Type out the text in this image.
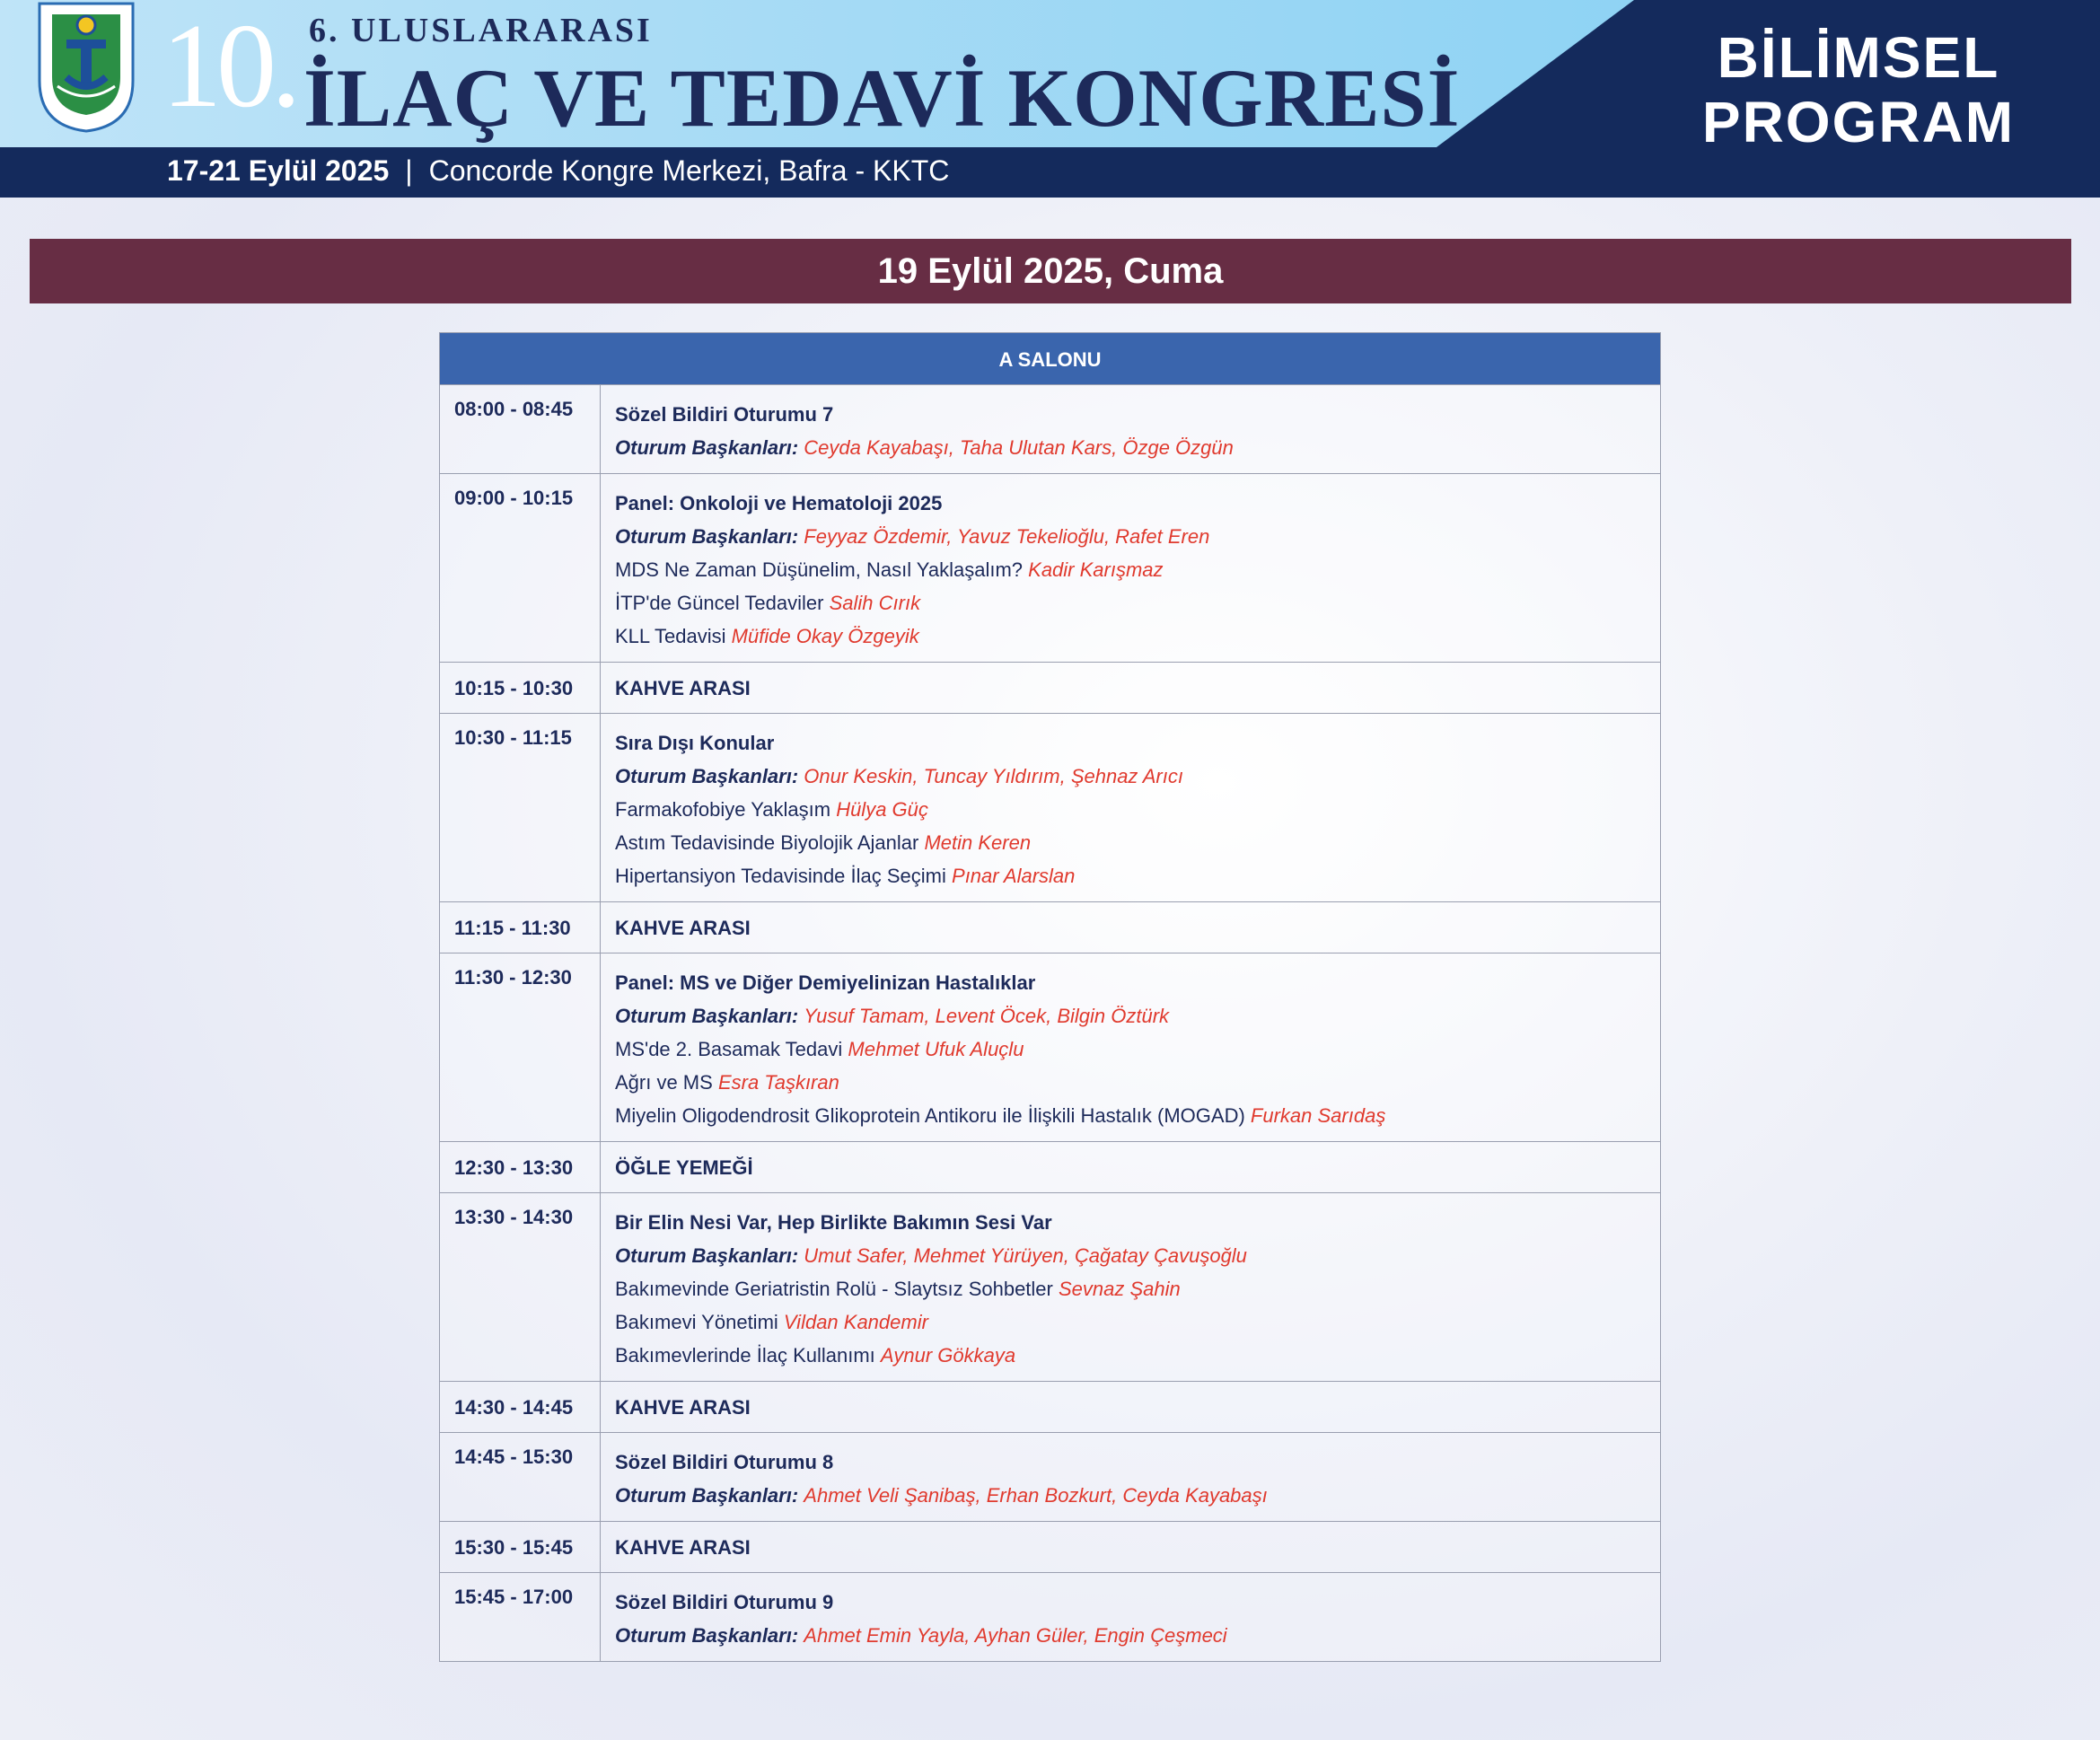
10. 6. ULUSLARARASI
İLAÇ VE TEDAVİ KONGRESİ
17-21 Eylül 2025 | Concorde Kongre Merkezi, Bafra - KKTC
BİLİMSEL
PROGRAM
19 Eylül 2025, Cuma
A SALONU
08:00 - 08:45	Sözel Bildiri Oturumu 7
Oturum Başkanları: Ceyda Kayabaşı, Taha Ulutan Kars, Özge Özgün
09:00 - 10:15	Panel: Onkoloji ve Hematoloji 2025
Oturum Başkanları: Feyyaz Özdemir, Yavuz Tekelioğlu, Rafet Eren
MDS Ne Zaman Düşünelim, Nasıl Yaklaşalım? Kadir Karışmaz
İTP'de Güncel Tedaviler Salih Cırık
KLL Tedavisi Müfide Okay Özgeyik
10:15 - 10:30	KAHVE ARASI
10:30 - 11:15	Sıra Dışı Konular
Oturum Başkanları: Onur Keskin, Tuncay Yıldırım, Şehnaz Arıcı
Farmakofobiye Yaklaşım Hülya Güç
Astım Tedavisinde Biyolojik Ajanlar Metin Keren
Hipertansiyon Tedavisinde İlaç Seçimi Pınar Alarslan
11:15 - 11:30	KAHVE ARASI
11:30 - 12:30	Panel: MS ve Diğer Demiyelinizan Hastalıklar
Oturum Başkanları: Yusuf Tamam, Levent Öcek, Bilgin Öztürk
MS'de 2. Basamak Tedavi Mehmet Ufuk Aluçlu
Ağrı ve MS Esra Taşkıran
Miyelin Oligodendrosit Glikoprotein Antikoru ile İlişkili Hastalık (MOGAD) Furkan Sarıdaş
12:30 - 13:30	ÖĞLE YEMEĞİ
13:30 - 14:30	Bir Elin Nesi Var, Hep Birlikte Bakımın Sesi Var
Oturum Başkanları: Umut Safer, Mehmet Yürüyen, Çağatay Çavuşoğlu
Bakımevinde Geriatristin Rolü - Slaytsız Sohbetler Sevnaz Şahin
Bakımevi Yönetimi Vildan Kandemir
Bakımevlerinde İlaç Kullanımı Aynur Gökkaya
14:30 - 14:45	KAHVE ARASI
14:45 - 15:30	Sözel Bildiri Oturumu 8
Oturum Başkanları: Ahmet Veli Şanibaş, Erhan Bozkurt, Ceyda Kayabaşı
15:30 - 15:45	KAHVE ARASI
15:45 - 17:00	Sözel Bildiri Oturumu 9
Oturum Başkanları: Ahmet Emin Yayla, Ayhan Güler, Engin Çeşmeci
